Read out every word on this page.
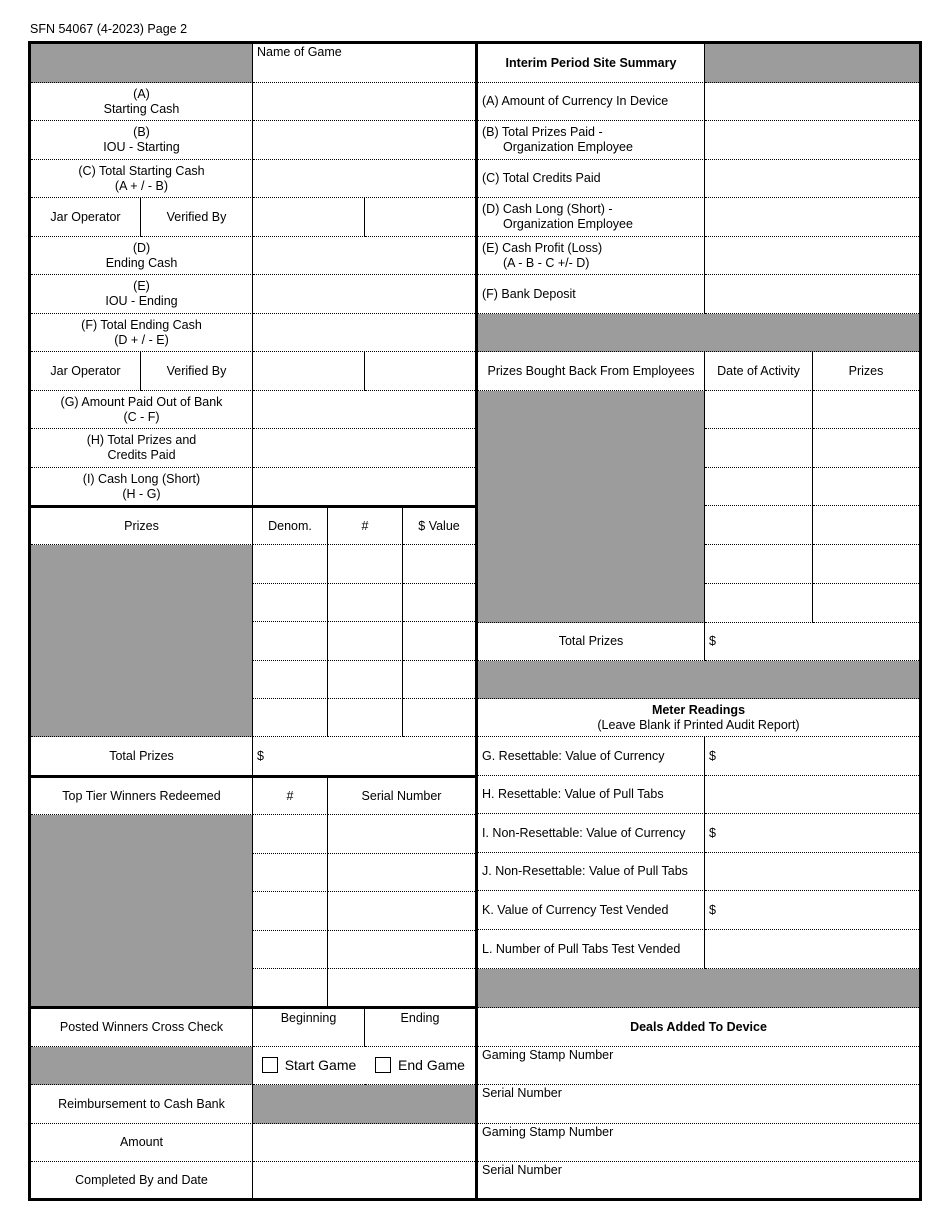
SFN 54067 (4-2023) Page 2
Name of Game
(A)
Starting Cash
(B)
IOU - Starting
(C) Total Starting Cash
(A + / - B)
Jar Operator	Verified By
(D)
Ending Cash
(E)
IOU - Ending
(F) Total Ending Cash
(D + / - E)
Jar Operator	Verified By
(G) Amount Paid Out of Bank
(C - F)
(H) Total Prizes and
Credits Paid
(I) Cash Long (Short)
(H - G)
Prizes	Denom.	#	$ Value
Total Prizes	$
Top Tier Winners Redeemed	#	Serial Number
Posted Winners Cross Check
Beginning	Ending
Start Game	End Game
Reimbursement to Cash Bank
Amount
Completed By and Date
Interim Period Site Summary
(A) Amount of Currency In Device
(B) Total Prizes Paid -
Organization Employee
(C) Total Credits Paid
(D) Cash Long (Short) -
Organization Employee
(E) Cash Profit (Loss)
(A - B - C +/- D)
(F) Bank Deposit
Prizes Bought Back From Employees	Date of Activity	Prizes
Total Prizes	$
Meter Readings
(Leave Blank if Printed Audit Report)
G. Resettable: Value of Currency	$
H. Resettable: Value of Pull Tabs
I. Non-Resettable: Value of Currency	$
J. Non-Resettable: Value of Pull Tabs
K. Value of Currency Test Vended	$
L. Number of Pull Tabs Test Vended
Deals Added To Device
Gaming Stamp Number
Serial Number
Gaming Stamp Number
Serial Number
